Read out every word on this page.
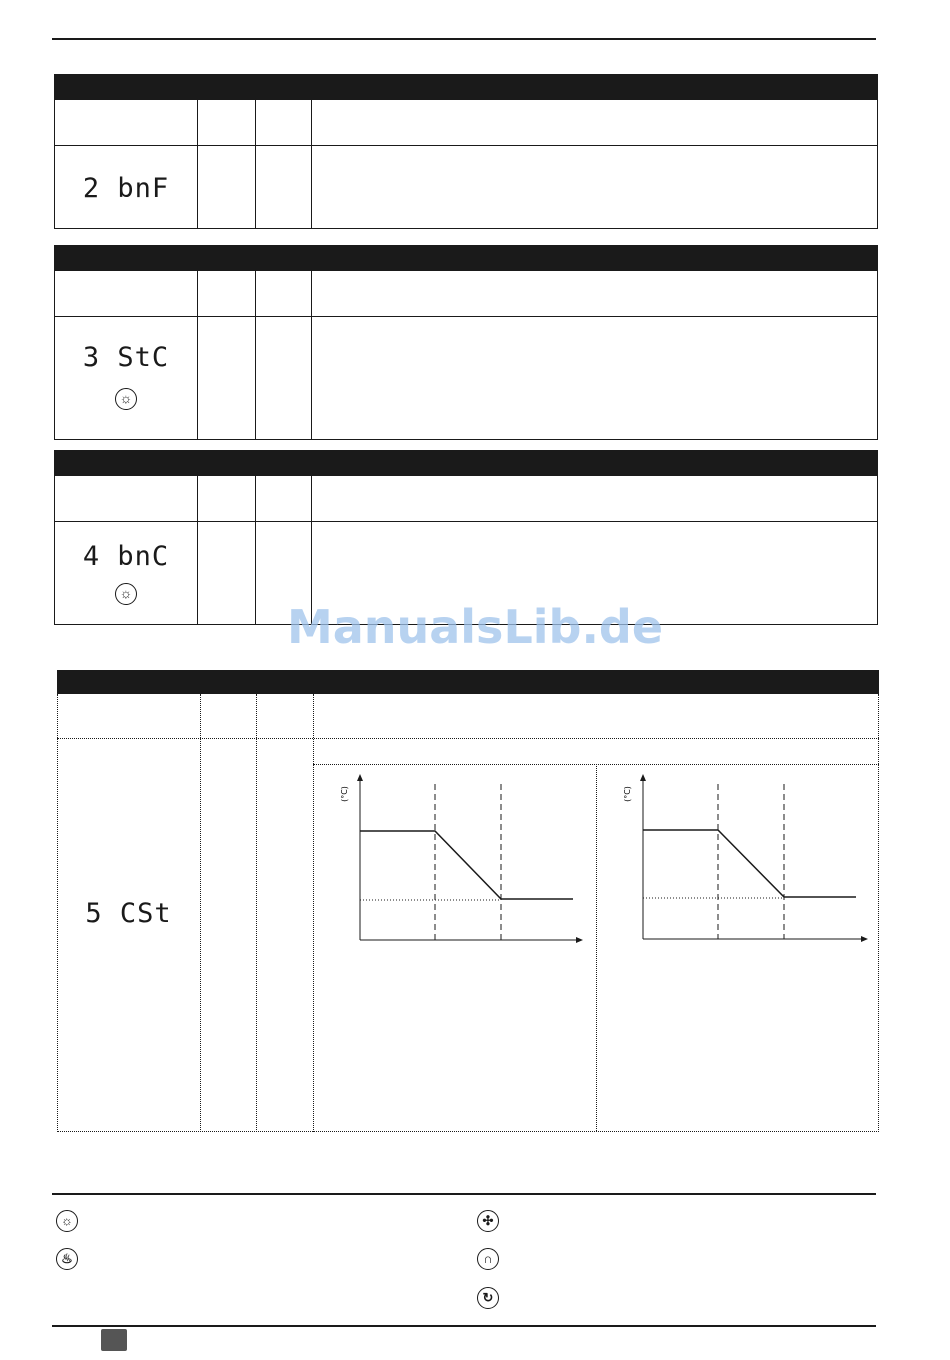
2 bnF
3 StC
☼
4 bnC
☼
ManualsLib.de
5 CSt
(°C)	(°C)
☼
♨
✣
∩
↻
